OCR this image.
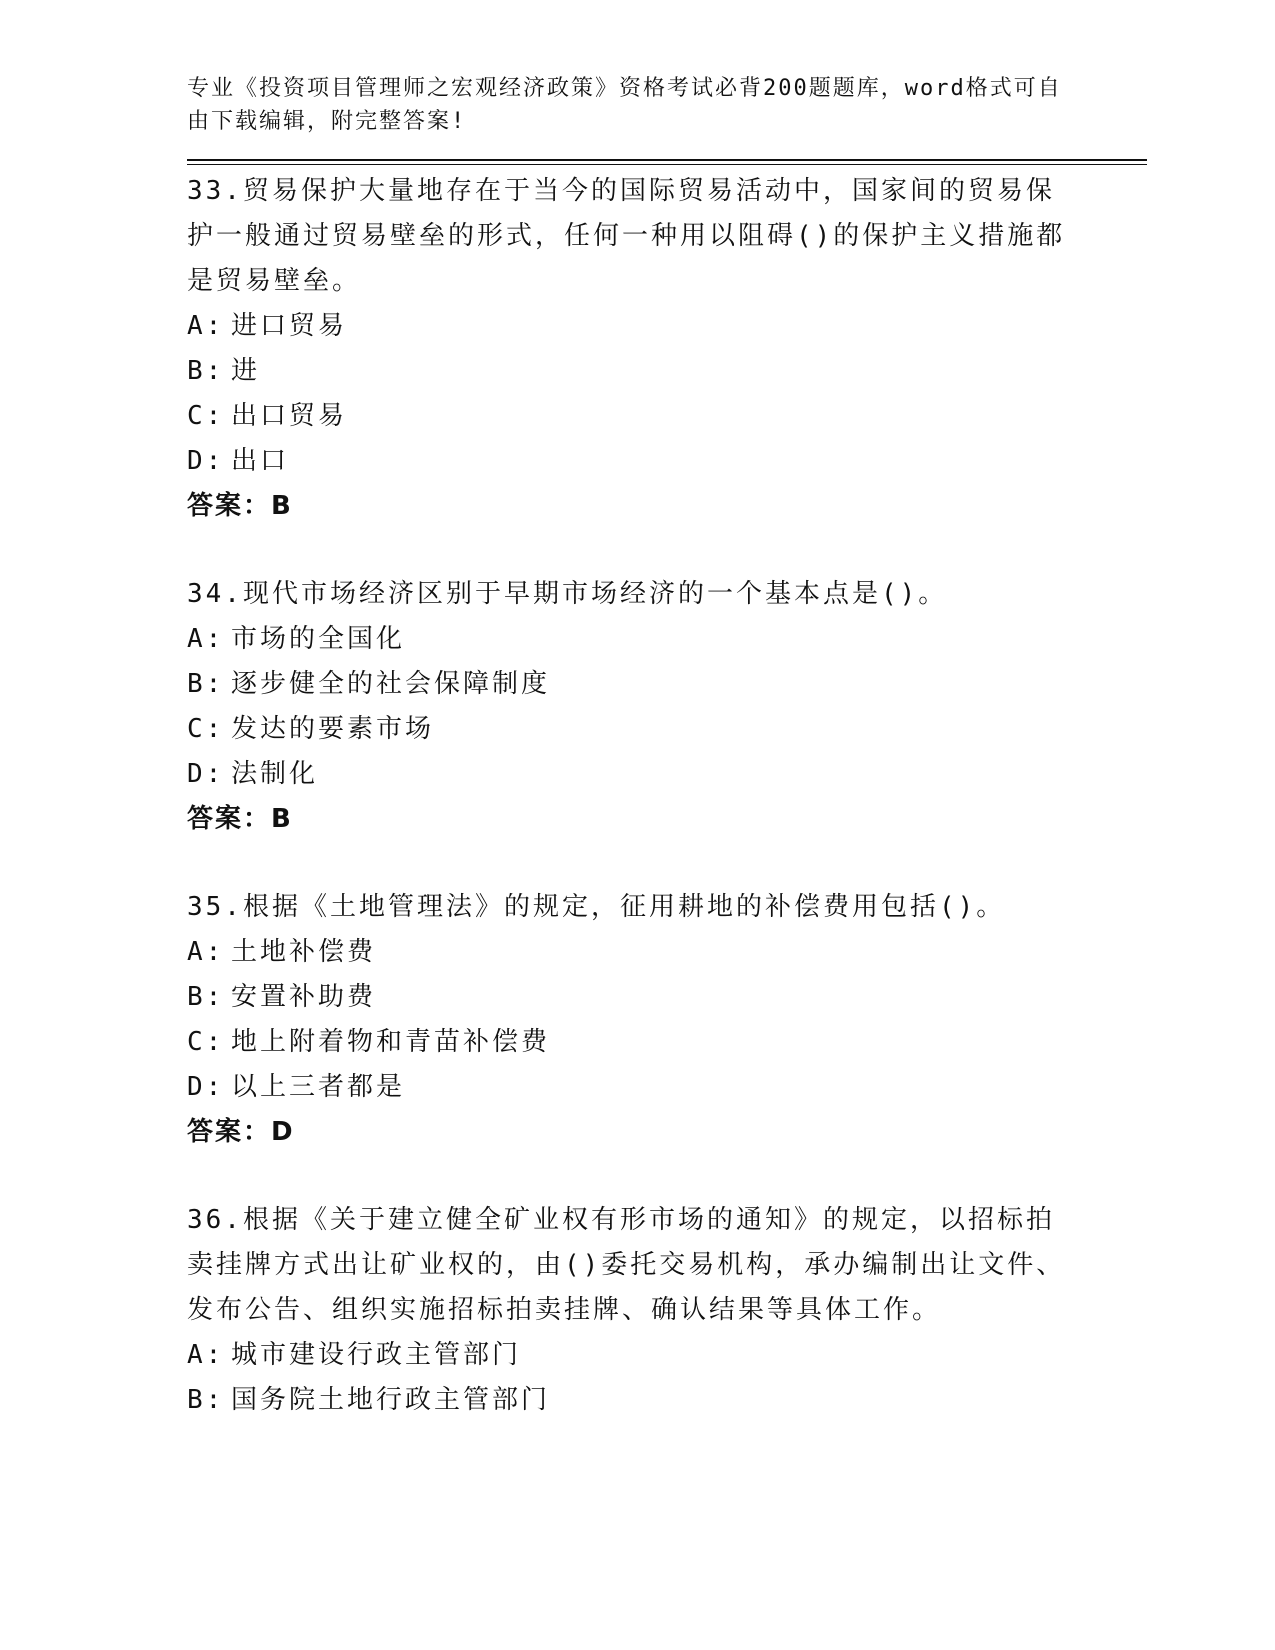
专业《投资项目管理师之宏观经济政策》资格考试必背200题题库，word格式可自由下载编辑，附完整答案!
33.贸易保护大量地存在于当今的国际贸易活动中，国家间的贸易保护一般通过贸易壁垒的形式，任何一种用以阻碍()的保护主义措施都是贸易壁垒。
A: 进口贸易
B: 进
C: 出口贸易
D: 出口
答案：B
34.现代市场经济区别于早期市场经济的一个基本点是()。
A: 市场的全国化
B: 逐步健全的社会保障制度
C: 发达的要素市场
D: 法制化
答案：B
35.根据《土地管理法》的规定，征用耕地的补偿费用包括()。
A: 土地补偿费
B: 安置补助费
C: 地上附着物和青苗补偿费
D: 以上三者都是
答案：D
36.根据《关于建立健全矿业权有形市场的通知》的规定，以招标拍卖挂牌方式出让矿业权的，由()委托交易机构，承办编制出让文件、发布公告、组织实施招标拍卖挂牌、确认结果等具体工作。
A: 城市建设行政主管部门
B: 国务院土地行政主管部门
